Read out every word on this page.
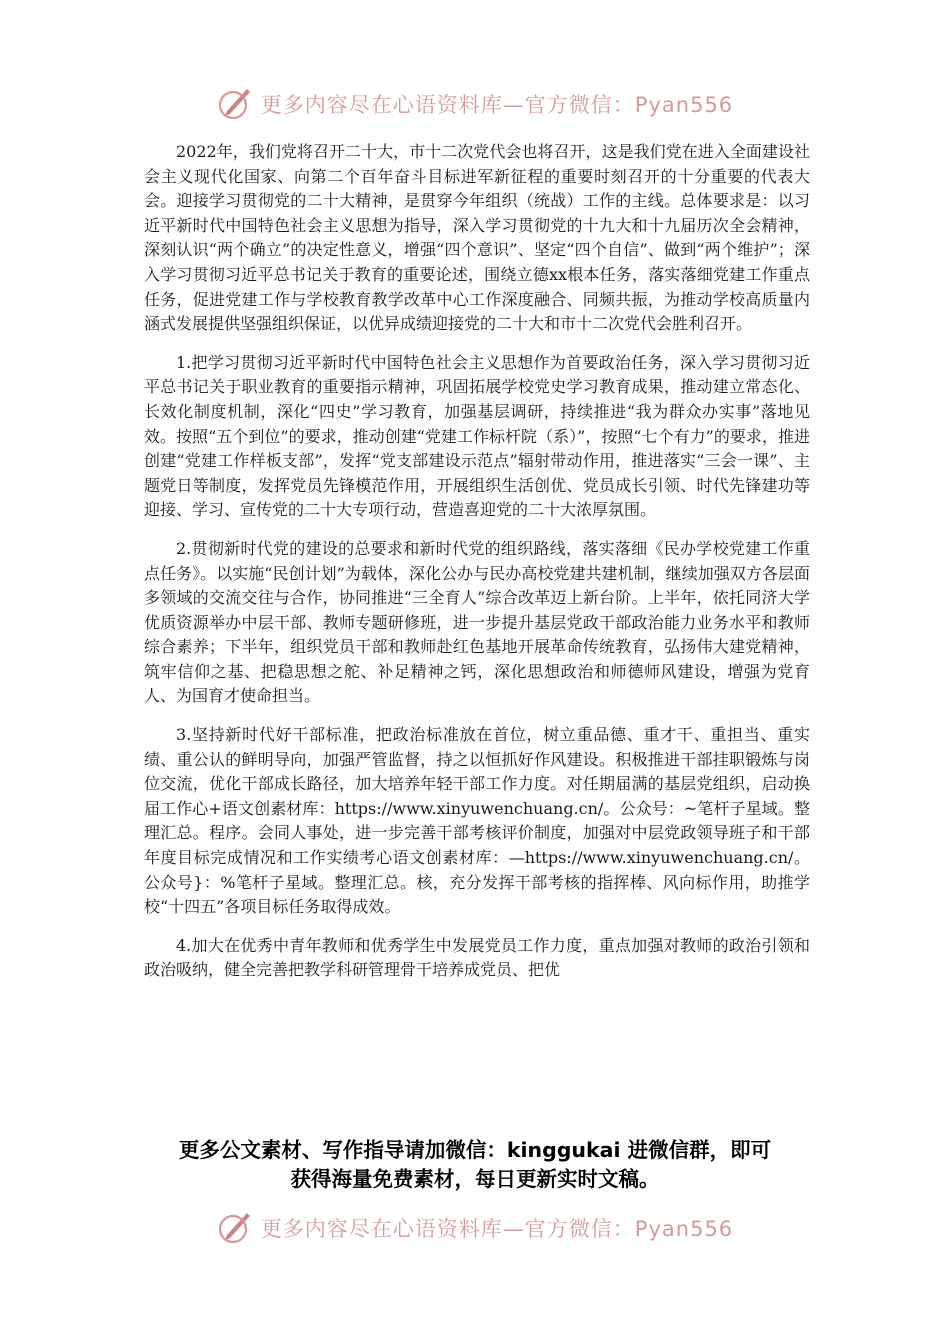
更多内容尽在心语资料库—官方微信：Pyan556

2022年，我们党将召开二十大，市十二次党代会也将召开，这是我们党在进入全面建设社会主义现代化国家、向第二个百年奋斗目标进军新征程的重要时刻召开的十分重要的代表大会。迎接学习贯彻党的二十大精神，是贯穿今年组织（统战）工作的主线。总体要求是：以习近平新时代中国特色社会主义思想为指导，深入学习贯彻党的十九大和十九届历次全会精神，深刻认识“两个确立”的决定性意义，增强“四个意识”、坚定“四个自信”、做到“两个维护”；深入学习贯彻习近平总书记关于教育的重要论述，围绕立德xx根本任务，落实落细党建工作重点任务，促进党建工作与学校教育教学改革中心工作深度融合、同频共振，为推动学校高质量内涵式发展提供坚强组织保证，以优异成绩迎接党的二十大和市十二次党代会胜利召开。

1.把学习贯彻习近平新时代中国特色社会主义思想作为首要政治任务，深入学习贯彻习近平总书记关于职业教育的重要指示精神，巩固拓展学校党史学习教育成果，推动建立常态化、长效化制度机制，深化“四史”学习教育，加强基层调研，持续推进“我为群众办实事”落地见效。按照“五个到位”的要求，推动创建“党建工作标杆院（系）”，按照“七个有力”的要求，推进创建“党建工作样板支部”，发挥“党支部建设示范点”辐射带动作用，推进落实“三会一课”、主题党日等制度，发挥党员先锋模范作用，开展组织生活创优、党员成长引领、时代先锋建功等迎接、学习、宣传党的二十大专项行动，营造喜迎党的二十大浓厚氛围。

2.贯彻新时代党的建设的总要求和新时代党的组织路线，落实落细《民办学校党建工作重点任务》。以实施“民创计划”为载体，深化公办与民办高校党建共建机制，继续加强双方各层面多领域的交流交往与合作，协同推进“三全育人”综合改革迈上新台阶。上半年，依托同济大学优质资源举办中层干部、教师专题研修班，进一步提升基层党政干部政治能力业务水平和教师综合素养；下半年，组织党员干部和教师赴红色基地开展革命传统教育，弘扬伟大建党精神，筑牢信仰之基、把稳思想之舵、补足精神之钙，深化思想政治和师德师风建设，增强为党育人、为国育才使命担当。

3.坚持新时代好干部标准，把政治标准放在首位，树立重品德、重才干、重担当、重实绩、重公认的鲜明导向，加强严管监督，持之以恒抓好作风建设。积极推进干部挂职锻炼与岗位交流，优化干部成长路径，加大培养年轻干部工作力度。对任期届满的基层党组织，启动换届工作心+语文创素材库：https://www.xinyuwenchuang.cn/。公众号：~笔杆子星域。整理汇总。程序。会同人事处，进一步完善干部考核评价制度，加强对中层党政领导班子和干部年度目标完成情况和工作实绩考心语文创素材库：—https://www.xinyuwenchuang.cn/。公众号}：%笔杆子星域。整理汇总。核，充分发挥干部考核的指挥棒、风向标作用，助推学校“十四五”各项目标任务取得成效。

4.加大在优秀中青年教师和优秀学生中发展党员工作力度，重点加强对教师的政治引领和政治吸纳，健全完善把教学科研管理骨干培养成党员、把优

更多公文素材、写作指导请加微信：kinggukai 进微信群，即可
获得海量免费素材，每日更新实时文稿。
更多内容尽在心语资料库—官方微信：Pyan556
